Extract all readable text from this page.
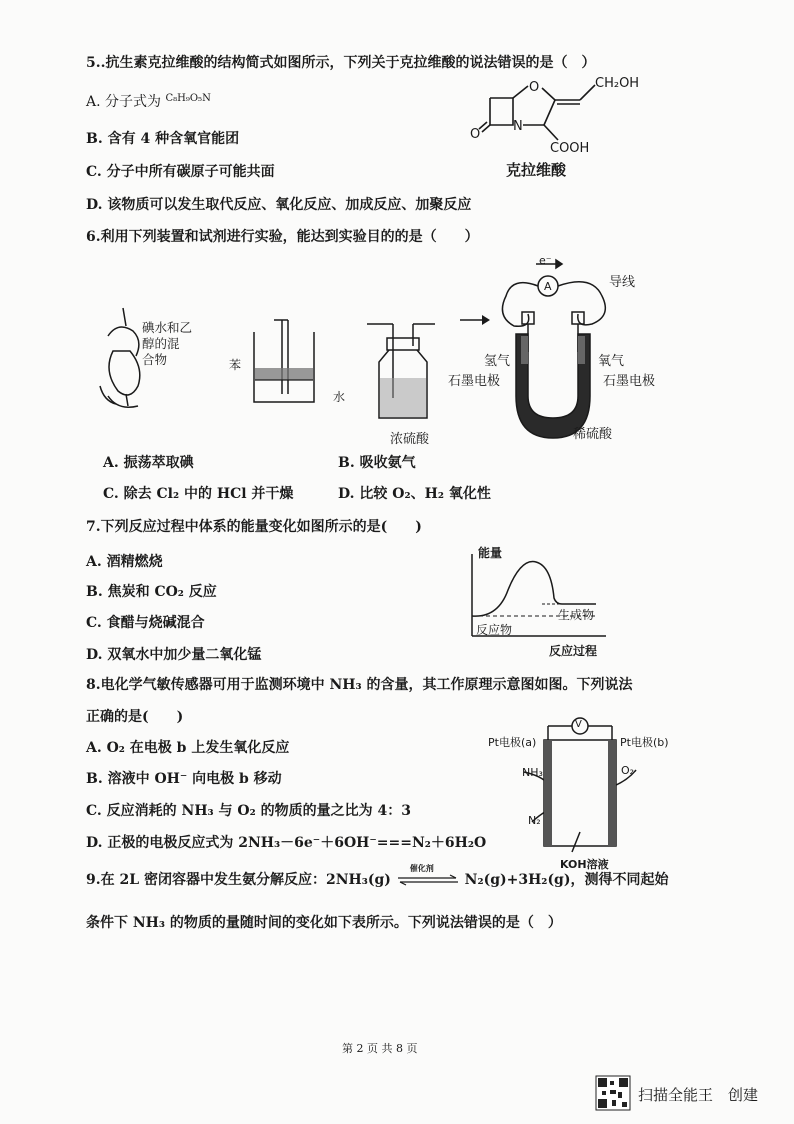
5..抗生素克拉维酸的结构简式如图所示，下列关于克拉维酸的说法错误的是（　）
A. 分子式为 $^{C_8H_9O_5N}$
B. 含有 4 种含氧官能团
C. 分子中所有碳原子可能共面
D. 该物质可以发生取代反应、氧化反应、加成反应、加聚反应
CH₂OH
O
O
N
COOH
克拉维酸
6.利用下列装置和试剂进行实验，能达到实验目的的是（　　）
碘水和乙
醇的混
合物	苯
水
浓硫酸
e⁻
A	导线
氢气	氧气
石墨电极	石墨电极
稀硫酸
A. 振荡萃取碘	B. 吸收氨气
C. 除去 Cl₂ 中的 HCl 并干燥	D. 比较 O₂、H₂ 氧化性
7.下列反应过程中体系的能量变化如图所示的是(　　)
A. 酒精燃烧
B. 焦炭和 CO₂ 反应
C. 食醋与烧碱混合
D. 双氧水中加少量二氧化锰
能量
生成物
反应物
反应过程
8.电化学气敏传感器可用于监测环境中 NH₃ 的含量，其工作原理示意图如图。下列说法
正确的是(　　)
A. O₂ 在电极 b 上发生氧化反应
B. 溶液中 OH⁻ 向电极 b 移动
C. 反应消耗的 NH₃ 与 O₂ 的物质的量之比为 4：3
D. 正极的电极反应式为 2NH₃－6e⁻＋6OH⁻===N₂＋6H₂O
V
Pt电极(a)	Pt电极(b)
NH₃	O₂
N₂
KOH溶液
9.在 2L 密闭容器中发生氨分解反应：2NH₃(g)
催化剂
N₂(g)+3H₂(g)，测得不同起始
条件下 NH₃ 的物质的量随时间的变化如下表所示。下列说法错误的是（　）
第 2 页 共 8 页
扫描全能王　创建
